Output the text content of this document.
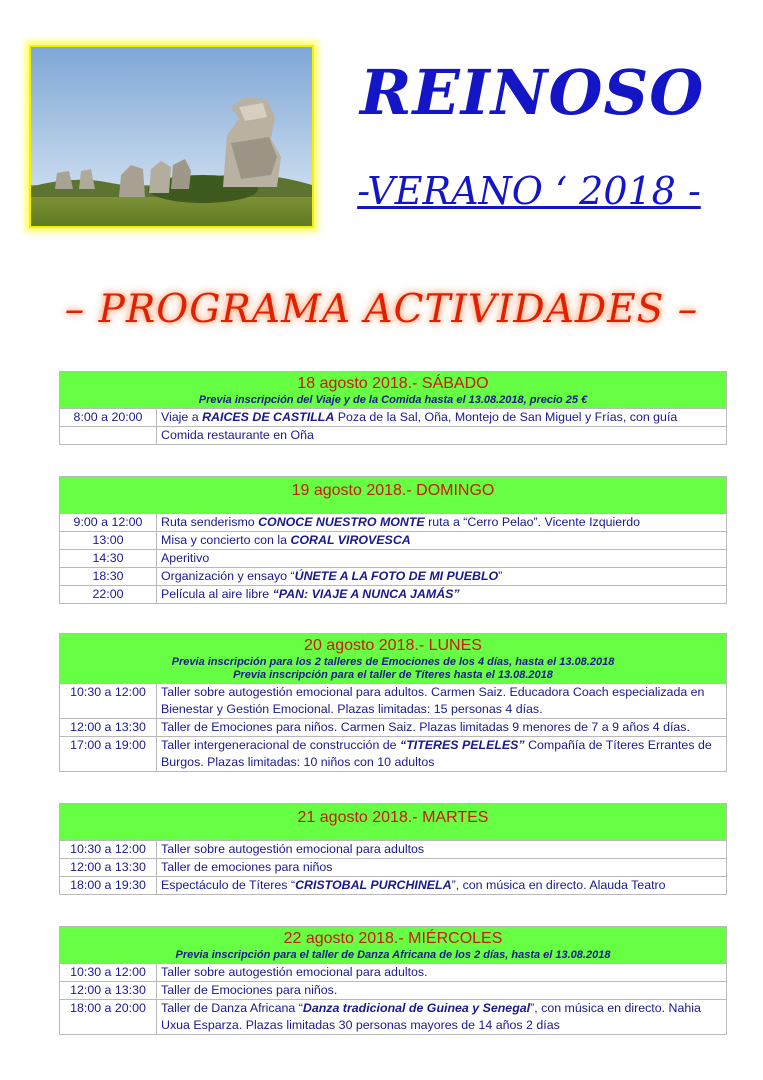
REINOSO
-VERANO ‘ 2018 -
– PROGRAMA ACTIVIDADES –
18 agosto 2018.- SÁBADO
Previa inscripción del Viaje y de la Comida hasta el 13.08.2018, precio 25 €	

8:00 a 20:00	Viaje a RAICES DE CASTILLA Poza de la Sal, Oña, Montejo de San Miguel y Frías, con guía
	Comida restaurante en Oña
19 agosto 2018.- DOMINGO	

9:00 a 12:00	Ruta senderismo CONOCE NUESTRO MONTE ruta a “Cerro Pelao”. Vicente Izquierdo
13:00	Misa y concierto con la CORAL VIROVESCA
14:30	Aperitivo
18:30	Organización y ensayo “ÚNETE A LA FOTO DE MI PUEBLO”
22:00	Película al aire libre “PAN: VIAJE A NUNCA JAMÁS”
20 agosto 2018.- LUNES
Previa inscripción para los 2 talleres de Emociones de los 4 días, hasta el 13.08.2018
Previa inscripción para el taller de Títeres hasta el 13.08.2018	

10:30 a 12:00	Taller sobre autogestión emocional para adultos. Carmen Saiz. Educadora Coach especializada en Bienestar y Gestión Emocional. Plazas limitadas: 15 personas 4 días.
12:00 a 13:30	Taller de Emociones para niños. Carmen Saiz. Plazas limitadas 9 menores de 7 a 9 años 4 días.
17:00 a 19:00	Taller intergeneracional de construcción de “TITERES PELELES” Compañía de Títeres Errantes de Burgos. Plazas limitadas: 10 niños con 10 adultos
21 agosto 2018.- MARTES	

10:30 a 12:00	Taller sobre autogestión emocional para adultos
12:00 a 13:30	Taller de emociones para niños
18:00 a 19:30	Espectáculo de Títeres “CRISTOBAL PURCHINELA”, con música en directo. Alauda Teatro
22 agosto 2018.- MIÉRCOLES
Previa inscripción para el taller de Danza Africana de los 2 días, hasta el 13.08.2018	

10:30 a 12:00	Taller sobre autogestión emocional para adultos.
12:00 a 13:30	Taller de Emociones para niños.
18:00 a 20:00	Taller de Danza Africana “Danza tradicional de Guinea y Senegal”, con música en directo. Nahia Uxua Esparza. Plazas limitadas 30 personas mayores de 14 años 2 días
